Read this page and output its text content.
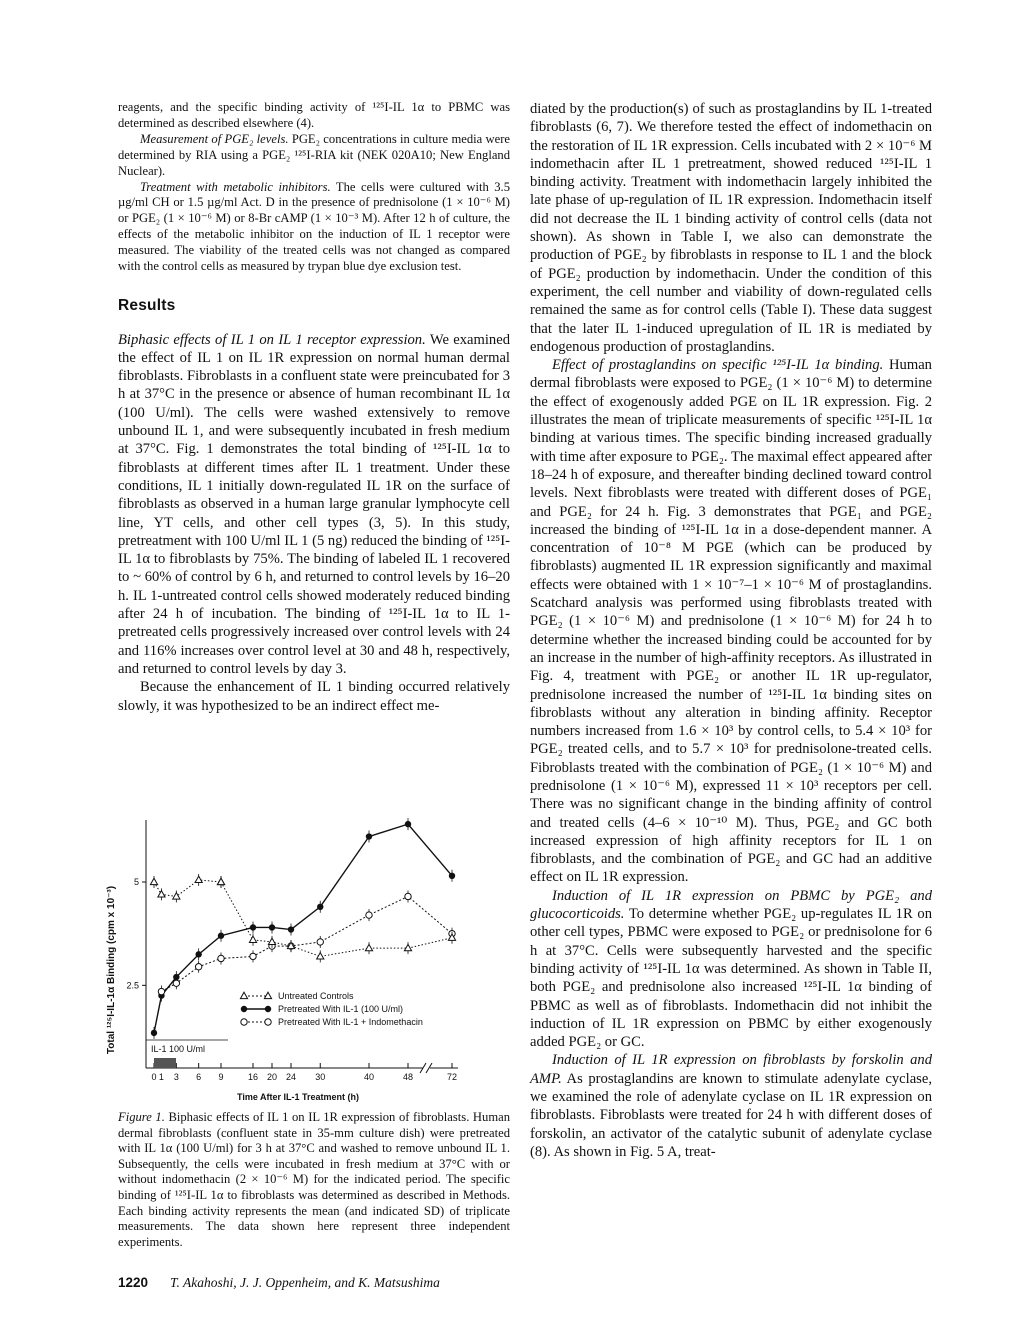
reagents, and the specific binding activity of ¹²⁵I-IL 1α to PBMC was determined as described elsewhere (4).

Measurement of PGE₂ levels. PGE₂ concentrations in culture media were determined by RIA using a PGE₂ ¹²⁵I-RIA kit (NEK 020A10; New England Nuclear).

Treatment with metabolic inhibitors. The cells were cultured with 3.5 µg/ml CH or 1.5 µg/ml Act. D in the presence of prednisolone (1 × 10⁻⁶ M) or PGE₂ (1 × 10⁻⁶ M) or 8-Br cAMP (1 × 10⁻³ M). After 12 h of culture, the effects of the metabolic inhibitor on the induction of IL 1 receptor were measured. The viability of the treated cells was not changed as compared with the control cells as measured by trypan blue dye exclusion test.

Results

Biphasic effects of IL 1 on IL 1 receptor expression. We examined the effect of IL 1 on IL 1R expression on normal human dermal fibroblasts. Fibroblasts in a confluent state were preincubated for 3 h at 37°C in the presence or absence of human recombinant IL 1α (100 U/ml). The cells were washed extensively to remove unbound IL 1, and were subsequently incubated in fresh medium at 37°C. Fig. 1 demonstrates the total binding of ¹²⁵I-IL 1α to fibroblasts at different times after IL 1 treatment. Under these conditions, IL 1 initially down-regulated IL 1R on the surface of fibroblasts as observed in a human large granular lymphocyte cell line, YT cells, and other cell types (3, 5). In this study, pretreatment with 100 U/ml IL 1 (5 ng) reduced the binding of ¹²⁵I-IL 1α to fibroblasts by 75%. The binding of labeled IL 1 recovered to ~ 60% of control by 6 h, and returned to control levels by 16–20 h. IL 1-untreated control cells showed moderately reduced binding after 24 h of incubation. The binding of ¹²⁵I-IL 1α to IL 1-pretreated cells progressively increased over control levels with 24 and 116% increases over control level at 30 and 48 h, respectively, and returned to control levels by day 3.

Because the enhancement of IL 1 binding occurred relatively slowly, it was hypothesized to be an indirect effect me-

diated by the production(s) of such as prostaglandins by IL 1-treated fibroblasts (6, 7). We therefore tested the effect of indomethacin on the restoration of IL 1R expression. Cells incubated with 2 × 10⁻⁶ M indomethacin after IL 1 pretreatment, showed reduced ¹²⁵I-IL 1 binding activity. Treatment with indomethacin largely inhibited the late phase of up-regulation of IL 1R expression. Indomethacin itself did not decrease the IL 1 binding activity of control cells (data not shown). As shown in Table I, we also can demonstrate the production of PGE₂ by fibroblasts in response to IL 1 and the block of PGE₂ production by indomethacin. Under the condition of this experiment, the cell number and viability of down-regulated cells remained the same as for control cells (Table I). These data suggest that the later IL 1-induced upregulation of IL 1R is mediated by endogenous production of prostaglandins.

Effect of prostaglandins on specific ¹²⁵I-IL 1α binding. Human dermal fibroblasts were exposed to PGE₂ (1 × 10⁻⁶ M) to determine the effect of exogenously added PGE on IL 1R expression. Fig. 2 illustrates the mean of triplicate measurements of specific ¹²⁵I-IL 1α binding at various times. The specific binding increased gradually with time after exposure to PGE₂. The maximal effect appeared after 18–24 h of exposure, and thereafter binding declined toward control levels. Next fibroblasts were treated with different doses of PGE₁ and PGE₂ for 24 h. Fig. 3 demonstrates that PGE₁ and PGE₂ increased the binding of ¹²⁵I-IL 1α in a dose-dependent manner. A concentration of 10⁻⁸ M PGE (which can be produced by fibroblasts) augmented IL 1R expression significantly and maximal effects were obtained with 1 × 10⁻⁷–1 × 10⁻⁶ M of prostaglandins. Scatchard analysis was performed using fibroblasts treated with PGE₂ (1 × 10⁻⁶ M) and prednisolone (1 × 10⁻⁶ M) for 24 h to determine whether the increased binding could be accounted for by an increase in the number of high-affinity receptors. As illustrated in Fig. 4, treatment with PGE₂ or another IL 1R up-regulator, prednisolone increased the number of ¹²⁵I-IL 1α binding sites on fibroblasts without any alteration in binding affinity. Receptor numbers increased from 1.6 × 10³ by control cells, to 5.4 × 10³ for PGE₂ treated cells, and to 5.7 × 10³ for prednisolone-treated cells. Fibroblasts treated with the combination of PGE₂ (1 × 10⁻⁶ M) and prednisolone (1 × 10⁻⁶ M), expressed 11 × 10³ receptors per cell. There was no significant change in the binding affinity of control and treated cells (4–6 × 10⁻¹⁰ M). Thus, PGE₂ and GC both increased expression of high affinity receptors for IL 1 on fibroblasts, and the combination of PGE₂ and GC had an additive effect on IL 1R expression.

Induction of IL 1R expression on PBMC by PGE₂ and glucocorticoids. To determine whether PGE₂ up-regulates IL 1R on other cell types, PBMC were exposed to PGE₂ or prednisolone for 6 h at 37°C. Cells were subsequently harvested and the specific binding activity of ¹²⁵I-IL 1α was determined. As shown in Table II, both PGE₂ and prednisolone also increased ¹²⁵I-IL 1α binding of PBMC as well as of fibroblasts. Indomethacin did not inhibit the induction of IL 1R expression on PBMC by either exogenously added PGE₂ or GC.

Induction of IL 1R expression on fibroblasts by forskolin and AMP. As prostaglandins are known to stimulate adenylate cyclase, we examined the role of adenylate cyclase on IL 1R expression on fibroblasts. Fibroblasts were treated for 24 h with different doses of forskolin, an activator of the catalytic subunit of adenylate cyclase (8). As shown in Fig. 5 A, treat-

2.5
5
0 1 3 6 9	16 20 24 30	40	48	72
IL-1 100 U/ml
Untreated Controls
Pretreated With IL-1 (100 U/ml)
Pretreated With IL-1 + Indomethacin
Total ¹²⁵I-IL-1α Binding (cpm x 10⁻³)
Time After IL-1 Treatment (h)
Figure 1. Biphasic effects of IL 1 on IL 1R expression of fibroblasts. Human dermal fibroblasts (confluent state in 35-mm culture dish) were pretreated with IL 1α (100 U/ml) for 3 h at 37°C and washed to remove unbound IL 1. Subsequently, the cells were incubated in fresh medium at 37°C with or without indomethacin (2 × 10⁻⁶ M) for the indicated period. The specific binding of ¹²⁵I-IL 1α to fibroblasts was determined as described in Methods. Each binding activity represents the mean (and indicated SD) of triplicate measurements. The data shown here represent three independent experiments.
1220 T. Akahoshi, J. J. Oppenheim, and K. Matsushima
